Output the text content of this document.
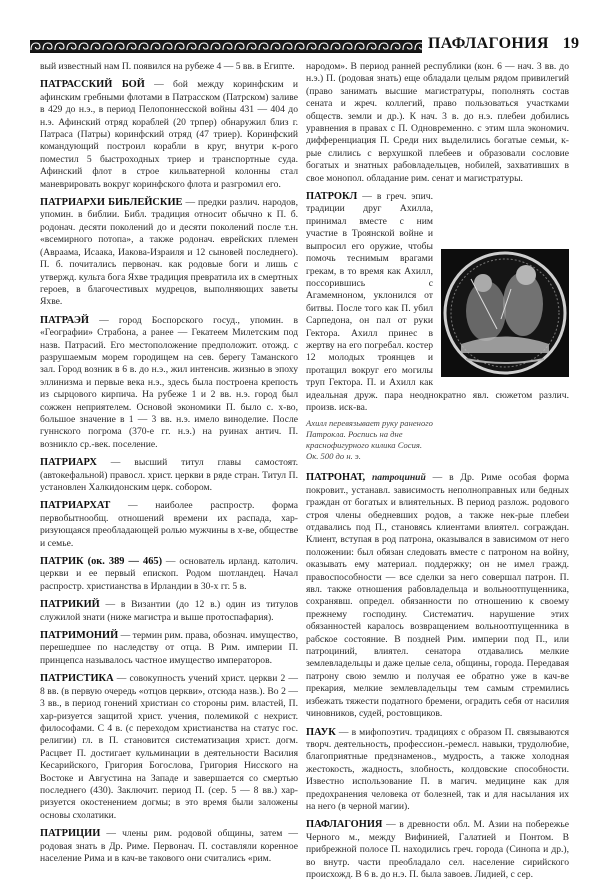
ПАФЛАГОНИЯ 19

вый известный нам П. появился на рубеже 4 — 5 вв. в Египте.

ПАТРАССКИЙ БОЙ — бой между коринфским и афинским гребными флотами в Патрасском (Патрском) заливе в 429 до н.э., в период Пелопоннесской войны 431 — 404 до н.э. Афинский отряд кораблей (20 трпер) обнаружил близ г. Патраса (Патры) коринфский отряд (47 триер). Коринфский командующий построил корабли в круг, внутри к-рого поместил 5 быстроходных триер и транспортные суда. Афинский флот в строе кильватерной колонны стал маневрировать вокруг коринфского флота и разгромил его.

ПАТРИАРХИ БИБЛЕЙСКИЕ — предки различ. народов, упомин. в библии. Библ. традиция относит обычно к П. б. родонач. десяти поколений до и десяти поколений после т.н. «всемирного потопа», а также родонач. еврейских племен (Авраама, Исаака, Иакова-Израиля и 12 сыновей последнего). П. б. почитались первонач. как родовые боги и лишь с утвержд. культа бога Яхве традиция превратила их в смертных героев, в благочестивых мудрецов, выполняющих заветы Яхве.

ПАТРАЭЙ — город Боспорского госуд., упомин. в «Географии» Страбона, а ранее — Гекатеем Милетским под назв. Патрасий. Его местоположение предположит. отожд. с разрушаемым морем городищем на сев. берегу Таманского зал. Город возник в 6 в. до н.э., жил интенсив. жизнью в эпоху эллинизма и первые века н.э., здесь была построена крепость из сырцового кирпича. На рубеже 1 и 2 вв. н.э. город был сожжен неприятелем. Основой экономики П. было с. х-во, большое значение в 1 — 3 вв. н.э. имело виноделие. После гуннского погрома (370-е гг. н.э.) на руинах антич. П. возникло ср.-век. поселение.

ПАТРИАРХ — высший титул главы самостоят. (автокефальной) правосл. христ. церкви в ряде стран. Титул П. установлен Халкидонским церк. собором.

ПАТРИАРХАТ — наиболее распростр. форма первобытнообщ. отношений времени их распада, хар-ризующаяся преобладающей ролью мужчины в х-ве, обществе и семье.

ПАТРИК (ок. 389 — 465) — основатель ирланд. католич. церкви и ее первый епископ. Родом шотландец. Начал распростр. христианства в Ирландии в 30-х гг. 5 в.

ПАТРИКИЙ — в Византии (до 12 в.) один из титулов служилой знати (ниже магистра и выше протоспафария).

ПАТРИМОНИЙ — термин рим. права, обознач. имущество, перешедшее по наследству от отца. В Рим. империи П. принцепса называлось частное имущество императоров.

ПАТРИСТИКА — совокупность учений христ. церкви 2 — 8 вв. (в первую очередь «отцов церкви», отсюда назв.). Во 2 — 3 вв., в период гонений христиан со стороны рим. властей, П. хар-ризуется защитой христ. учения, полемикой с нехрист. философами. С 4 в. (с переходом христианства на статус гос. религии) гл. в П. становится систематизация христ. догм. Расцвет П. достигает кульминации в деятельности Василия Кесарийского, Григория Богослова, Григория Нисского на Востоке и Августина на Западе и завершается со смертью последнего (430). Заключит. период П. (сер. 5 — 8 вв.) хар-ризуется окостенением догмы; в это время были заложены основы схолатики.

ПАТРИЦИИ — члены рим. родовой общины, затем — родовая знать в Др. Риме. Первонач. П. составляли коренное население Рима и в кач-ве такового они считались «рим.

народом». В период ранней республики (кон. 6 — нач. 3 вв. до н.э.) П. (родовая знать) еще обладали целым рядом привилегий (право занимать высшие магистратуры, пополнять состав сената и жреч. коллегий, право пользоваться участками обществ. земли и др.). К нач. 3 в. до н.э. плебеи добились уравнения в правах с П. Одновременно. с этим шла экономич. дифференциация П. Среди них выделились богатые семьи, к-рые слились с верхушкой плебеев и образовали сословие богатых и знатных рабовладельцев, нобилей, захвативших в свое монопол. обладание рим. сенат и магистратуры.

ПАТРОКЛ — в греч. эпич. традиции друг Ахилла, принимал вместе с ним участие в Троянской войне и выпросил его оружие, чтобы помочь теснимым врагами грекам, в то время как Ахилл, поссорившись с Агамемноном, уклонился от битвы. После того как П. убил Сарпедона, он пал от руки Гектора. Ахилл принес в жертву на его погребал. костер 12 молодых троянцев и протащил вокруг его могилы труп Гектора. П. и Ахилл как идеальная друж. пара неоднократно явл. сюжетом различ. произв. иск-ва.

Ахилл перевязывает руку раненого Патрокла. Роспись на дне краснофигурного килика Сосия. Ок. 500 до н. э.

ПАТРОНАТ, патроциний — в Др. Риме особая форма покровит., устанавл. зависимость неполноправных или бедных граждан от богатых и влиятельных. В период разлож. родового строя члены обедневших родов, а также нек-рые плебеи отдавались под П., становясь клиентами влиятел. сограждан. Клиент, вступая в род патрона, оказывался в зависимом от него положении: был обязан следовать вместе с патроном на войну, оказывать ему материал. поддержку; он не имел гражд. правоспособности — все сделки за него совершал патрон. П. явл. также отношения рабовладельца и вольноотпущенника, сохранявш. определ. обязанности по отношению к своему прежнему господину. Систематич. нарушение этих обязанностей каралось возвращением вольноотпущенника в рабское состояние. В поздней Рим. империи под П., или патроциний, влиятел. сенатора отдавались мелкие землевладельцы и даже целые села, общины, города. Передавая патрону свою землю и получая ее обратно уже в кач-ве прекария, мелкие землевладельцы тем самым стремились избежать тяжести податного бремени, оградить себя от насилия чиновников, судей, ростовщиков.

ПАУК — в мифопоэтич. традициях с образом П. связываются творч. деятельность, профессион.-ремесл. навыки, трудолюбие, благоприятные предзнаменов., мудрость, а также холодная жестокость, жадность, злобность, колдовские способности. Известно использование П. в магич. медицине как для предохранения человека от болезней, так и для насылания их на него (в черной магии).

ПАФЛАГОНИЯ — в древности обл. М. Азии на побережье Черного м., между Вифинией, Галатией и Понтом. В прибрежной полосе П. находились греч. города (Синопа и др.), во внутр. части преобладало сел. население сирийского происхожд. В 6 в. до н.э. П. была завоев. Лидией, с сер.
